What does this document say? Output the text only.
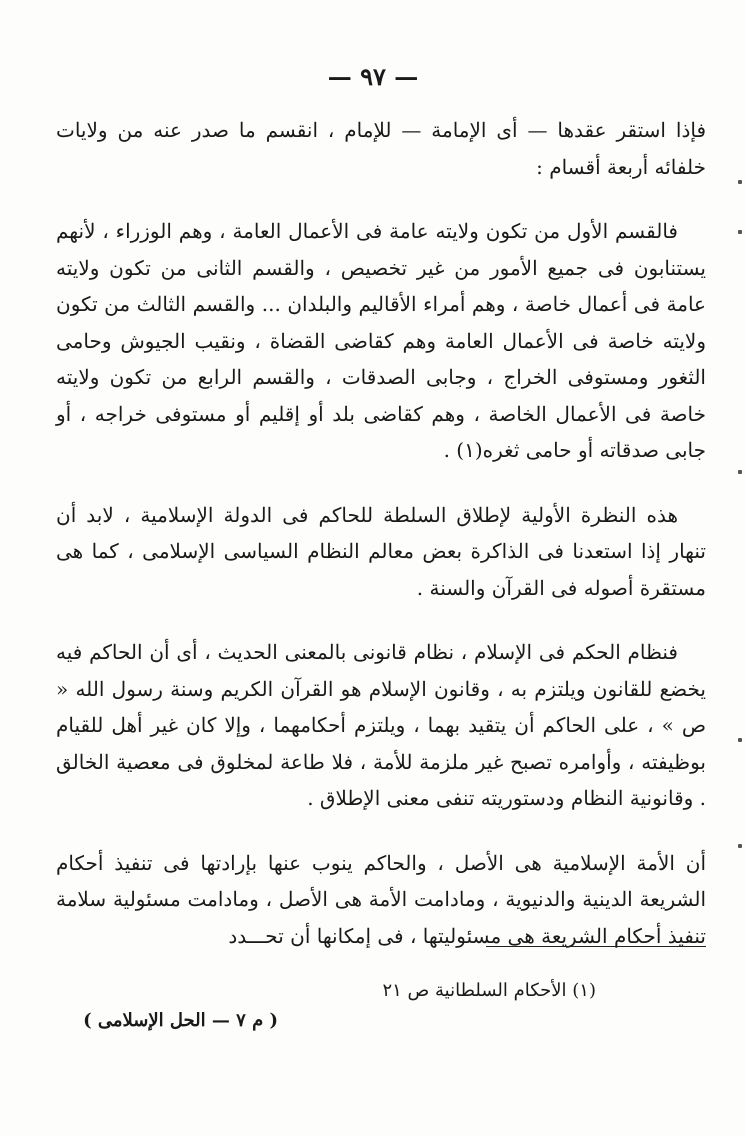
— ٩٧ —

فإذا استقر عقدها — أى الإمامة — للإمام ، انقسم ما صدر عنه من ولايات خلفائه أربعة أقسام :

فالقسم الأول من تكون ولايته عامة فى الأعمال العامة ، وهم الوزراء ، لأنهم يستنابون فى جميع الأمور من غير تخصيص ، والقسم الثانى من تكون ولايته عامة فى أعمال خاصة ، وهم أمراء الأقاليم والبلدان ... والقسم الثالث من تكون ولايته خاصة فى الأعمال العامة وهم كقاضى القضاة ، ونقيب الجيوش وحامى الثغور ومستوفى الخراج ، وجابى الصدقات ، والقسم الرابع من تكون ولايته خاصة فى الأعمال الخاصة ، وهم كقاضى بلد أو إقليم أو مستوفى خراجه ، أو جابى صدقاته أو حامى ثغره(١) .

هذه النظرة الأولية لإطلاق السلطة للحاكم فى الدولة الإسلامية ، لابد أن تنهار إذا استعدنا فى الذاكرة بعض معالم النظام السياسى الإسلامى ، كما هى مستقرة أصوله فى القرآن والسنة .

فنظام الحكم فى الإسلام ، نظام قانونى بالمعنى الحديث ، أى أن الحاكم فيه يخضع للقانون ويلتزم به ، وقانون الإسلام هو القرآن الكريم وسنة رسول الله « ص » ، على الحاكم أن يتقيد بهما ، ويلتزم أحكامهما ، وإلا كان غير أهل للقيام بوظيفته ، وأوامره تصبح غير ملزمة للأمة ، فلا طاعة لمخلوق فى معصية الخالق . وقانونية النظام ودستوريته تنفى معنى الإطلاق .

أن الأمة الإسلامية هى الأصل ، والحاكم ينوب عنها بإرادتها فى تنفيذ أحكام الشريعة الدينية والدنيوية ، ومادامت الأمة هى الأصل ، ومادامت مسئولية سلامة تنفيذ أحكام الشريعة هى مسئوليتها ، فى إمكانها أن تحـــدد

(١) الأحكام السلطانية ص ٢١
( م ٧ — الحل الإسلامى )
